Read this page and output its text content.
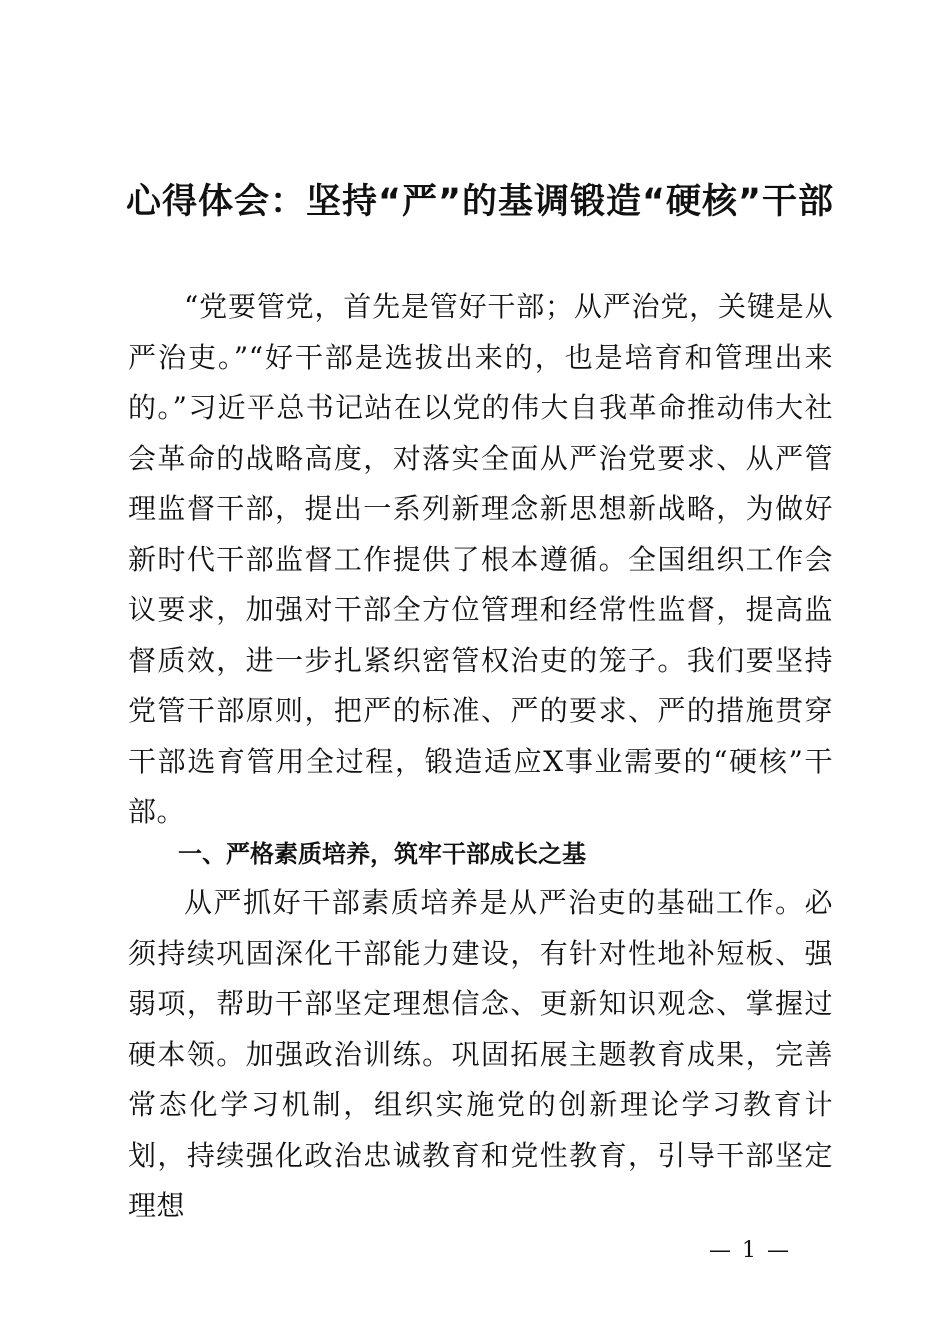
心得体会：坚持“严”的基调锻造“硬核”干部

“党要管党，首先是管好干部；从严治党，关键是从严治吏。”“好干部是选拔出来的，也是培育和管理出来的。”习近平总书记站在以党的伟大自我革命推动伟大社会革命的战略高度，对落实全面从严治党要求、从严管理监督干部，提出一系列新理念新思想新战略，为做好新时代干部监督工作提供了根本遵循。全国组织工作会议要求，加强对干部全方位管理和经常性监督，提高监督质效，进一步扎紧织密管权治吏的笼子。我们要坚持党管干部原则，把严的标准、严的要求、严的措施贯穿干部选育管用全过程，锻造适应X事业需要的“硬核”干部。

一、严格素质培养，筑牢干部成长之基

从严抓好干部素质培养是从严治吏的基础工作。必须持续巩固深化干部能力建设，有针对性地补短板、强弱项，帮助干部坚定理想信念、更新知识观念、掌握过硬本领。加强政治训练。巩固拓展主题教育成果，完善常态化学习机制，组织实施党的创新理论学习教育计划，持续强化政治忠诚教育和党性教育，引导干部坚定理想

— 1 —
